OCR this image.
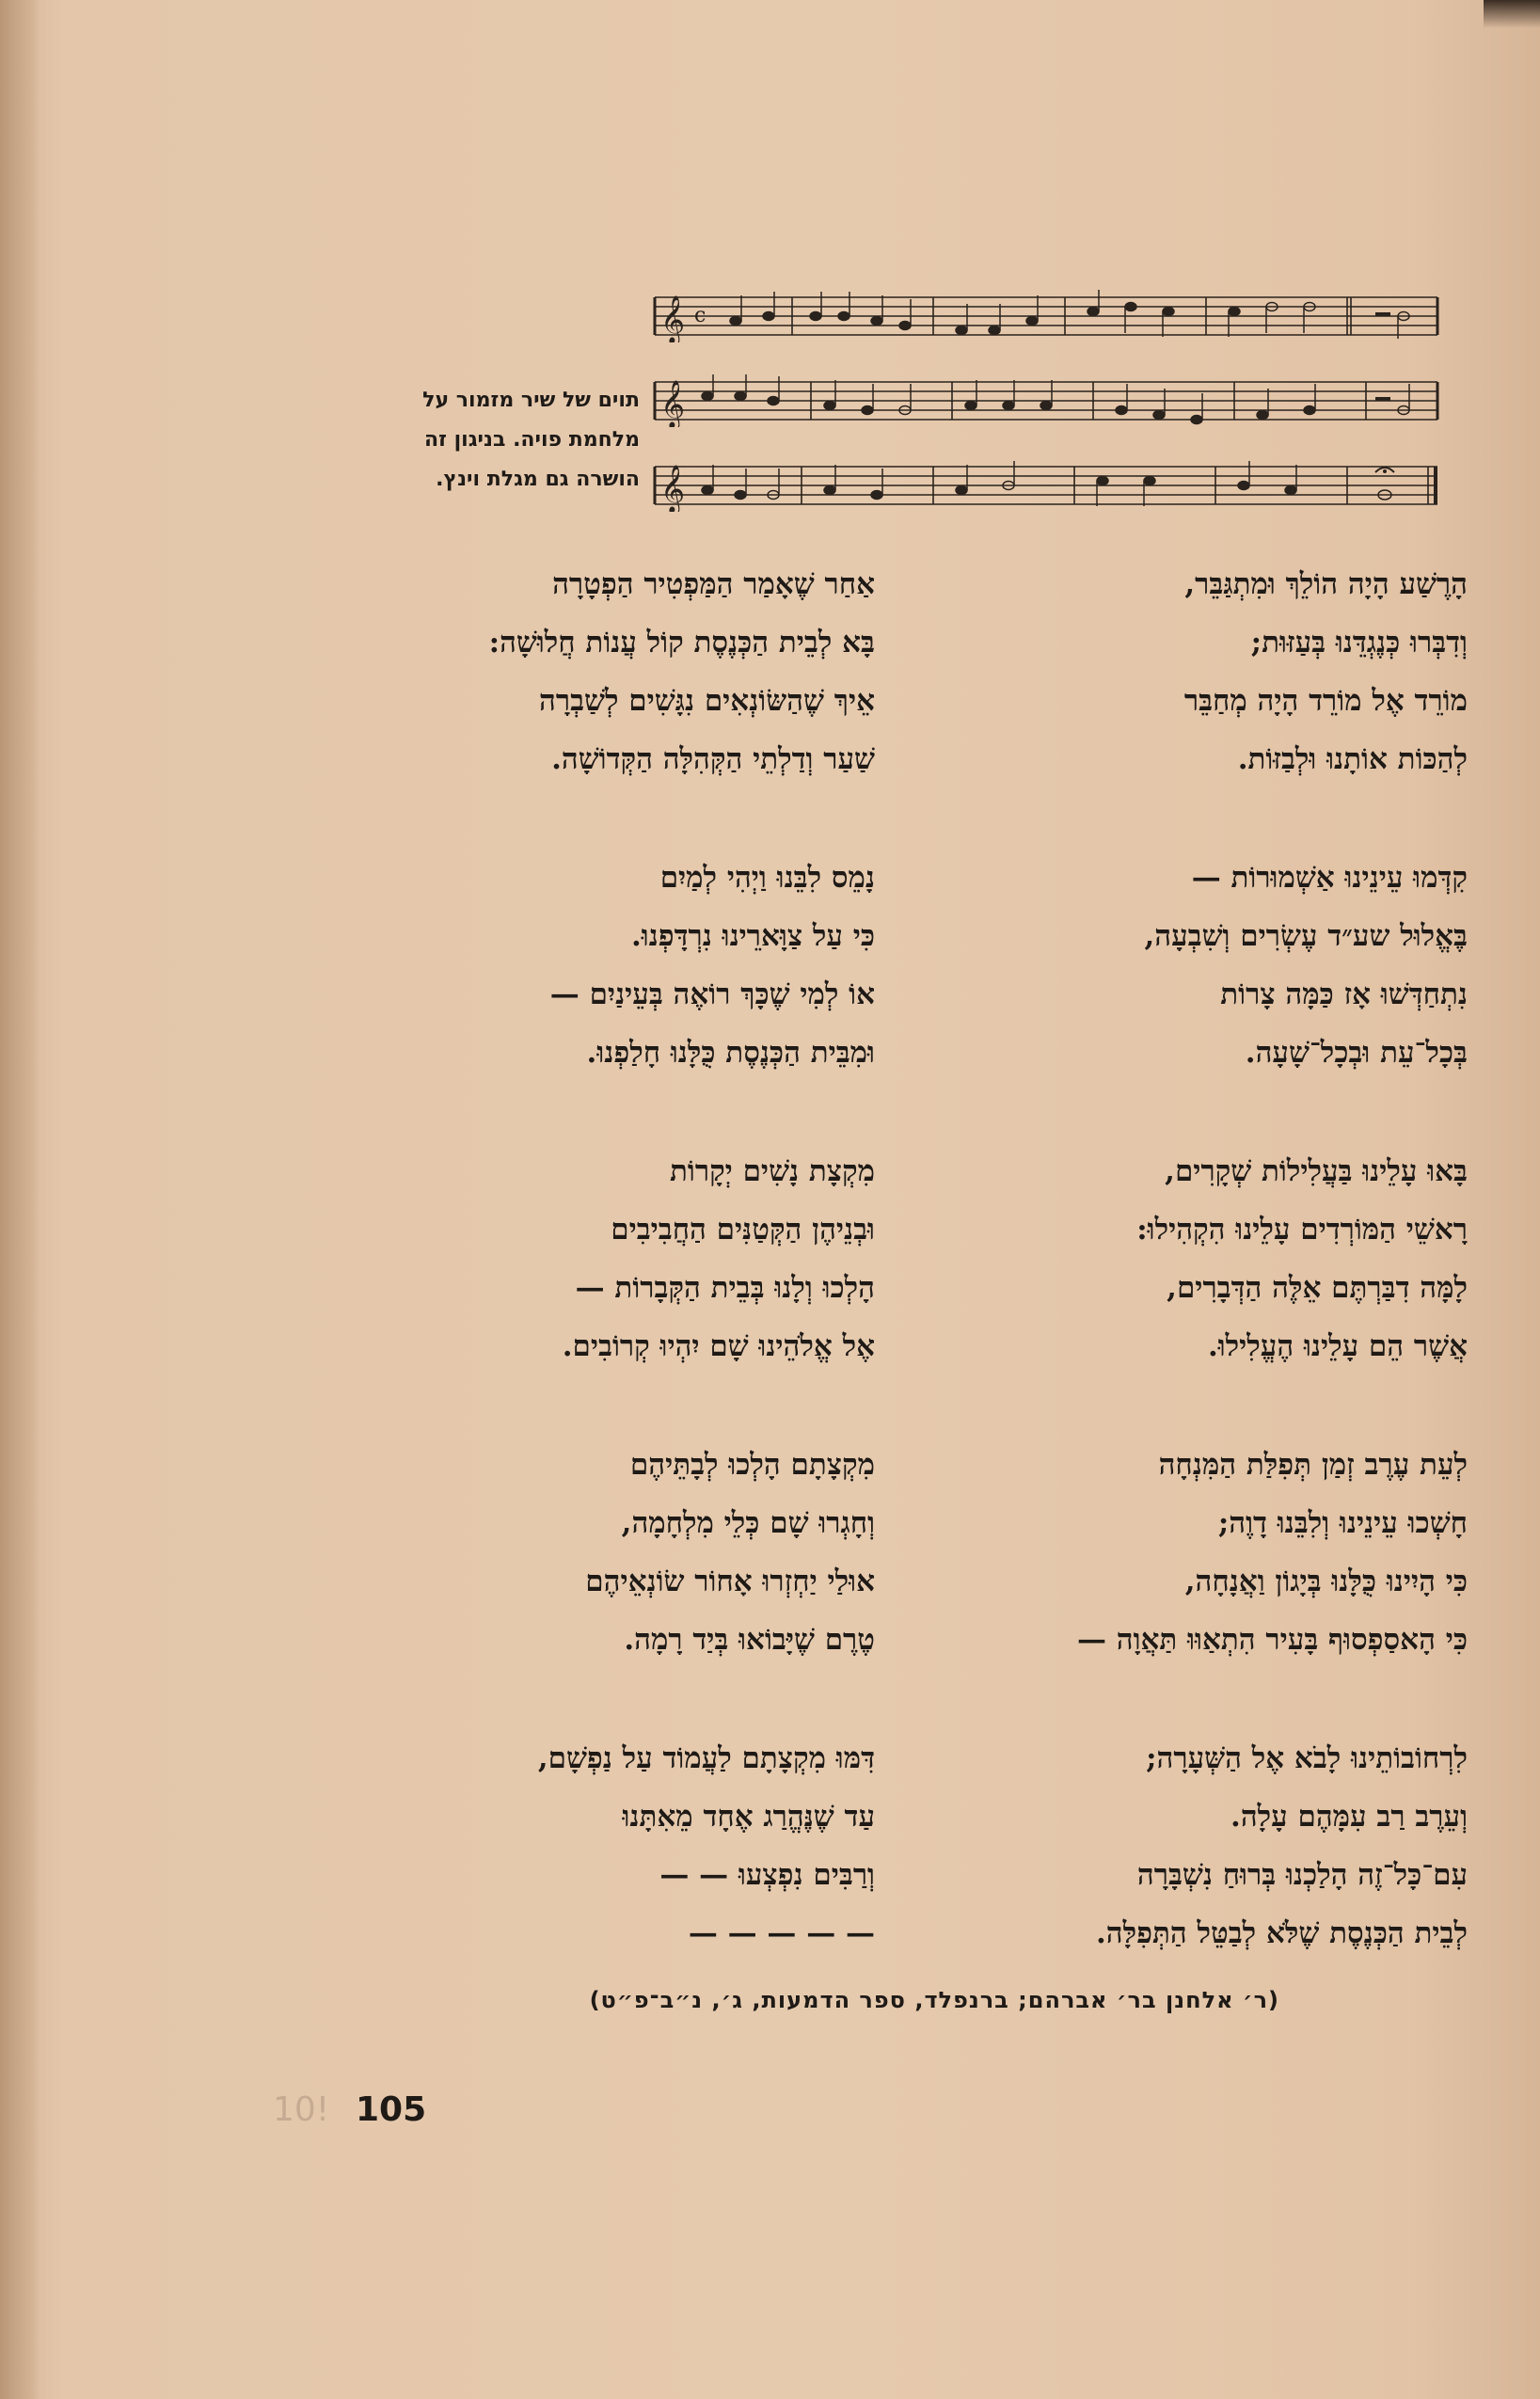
𝄞 c
𝄞
𝄞
תוים של שיר מזמור על
מלחמת פויה. בניגון זה
הושרה גם מגלת וינץ.
הָרֶשַׁע הָיָה הוֹלֵךְ וּמִתְגַּבֵּר,
וְדִבְּרוּ כְּנֶגְדֵּנוּ בְּעַזּוּת;
מוֹרֵד אֶל מוֹרֵד הָיָה מְחַבֵּר
לְהַכּוֹת אוֹתָנוּ וּלְבַזּוֹת.
קִדְּמוּ עֵינֵינוּ אַשְׁמוּרוֹת —
בֶּאֱלוּל שע״ד עֶשְׂרִים וְשִׁבְעָה,
נִתְחַדְּשׁוּ אָז כַּמָּה צָרוֹת
בְּכָל־עֵת וּבְכָל־שָׁעָה.
בָּאוּ עָלֵינוּ בַּעֲלִילוֹת שְׁקָרִים,
רָאשֵׁי הַמּוֹרְדִים עָלֵינוּ הִקְהִילוּ:
לָמָּה דִבַּרְתֶּם אֵלֶּה הַדְּבָרִים,
אֲשֶׁר הֵם עָלֵינוּ הֶעֱלִילוּ.
לְעֵת עֶרֶב זְמַן תְּפִלַּת הַמִּנְחָה
חָשְׁכוּ עֵינֵינוּ וְלִבֵּנוּ דָוֶה;
כִּי הָיִינוּ כֻּלָּנוּ בְּיָגוֹן וַאֲנָחָה,
כִּי הָאסַפְסוּף בָּעִיר הִתְאַוּוּ תַּאֲוָה —
לִרְחוֹבוֹתֵינוּ לָבֹא אֶל הַשְּׁעָרָה;
וְעֵרֶב רַב עִמָּהֶם עָלָה.
עִם־כָּל־זֶה הָלַכְנוּ בְּרוּחַ נִשְׁבָּרָה
לְבֵית הַכְּנֶסֶת שֶׁלֹּא לְבַטֵּל הַתְּפִלָּה.
אַחַר שֶׁאָמַר הַמַּפְטִיר הַפְטָרָה
בָּא לְבֵית הַכְּנֶסֶת קוֹל עֲנוֹת חֲלוּשָׁה:
אֵיךְ שֶׁהַשּׂוֹנְאִים נִגָּשִׁים לְשַׁבְרָה
שַׁעַר וְדַלְתֵי הַקְּהִלָּה הַקְּדוֹשָׁה.
נָמֵס לִבֵּנוּ וַיְהִי לְמַיִם
כִּי עַל צַוָּארֵינוּ נִרְדָּפְנוּ.
אוֹ לְמִי שֶׁכָּךְ רוֹאֶה בְּעֵינַיִם —
וּמִבֵּית הַכְּנֶסֶת כֻּלָּנוּ חָלַפְנוּ.
מִקְצָת נָשִׁים יְקָרוֹת
וּבְנֵיהֶן הַקְּטַנִּים הַחֲבִיבִים
הָלְכוּ וְלָנוּ בְּבֵית הַקְּבָרוֹת —
אֶל אֱלֹהֵינוּ שָׁם יִהְיוּ קְרוֹבִים.
מִקְצָתָם הָלְכוּ לְבָתֵּיהֶם
וְחָגְרוּ שָׁם כְּלֵי מִלְחָמָה,
אוּלַי יַחְזְרוּ אָחוֹר שׂוֹנְאֵיהֶם
טֶרֶם שֶׁיָּבוֹאוּ בְּיַד רָמָה.
דִּמּוּ מִקְצָתָם לַעֲמוֹד עַל נַפְשָׁם,
עַד שֶׁנֶּהֱרַג אֶחָד מֵאִתָּנוּ
וְרַבִּים נִפְצְעוּ — —
— — — — —
(ר׳ אלחנן בר׳ אברהם; ברנפלד, ספר הדמעות, ג׳, נ״ב־פ״ט)
10! 105
